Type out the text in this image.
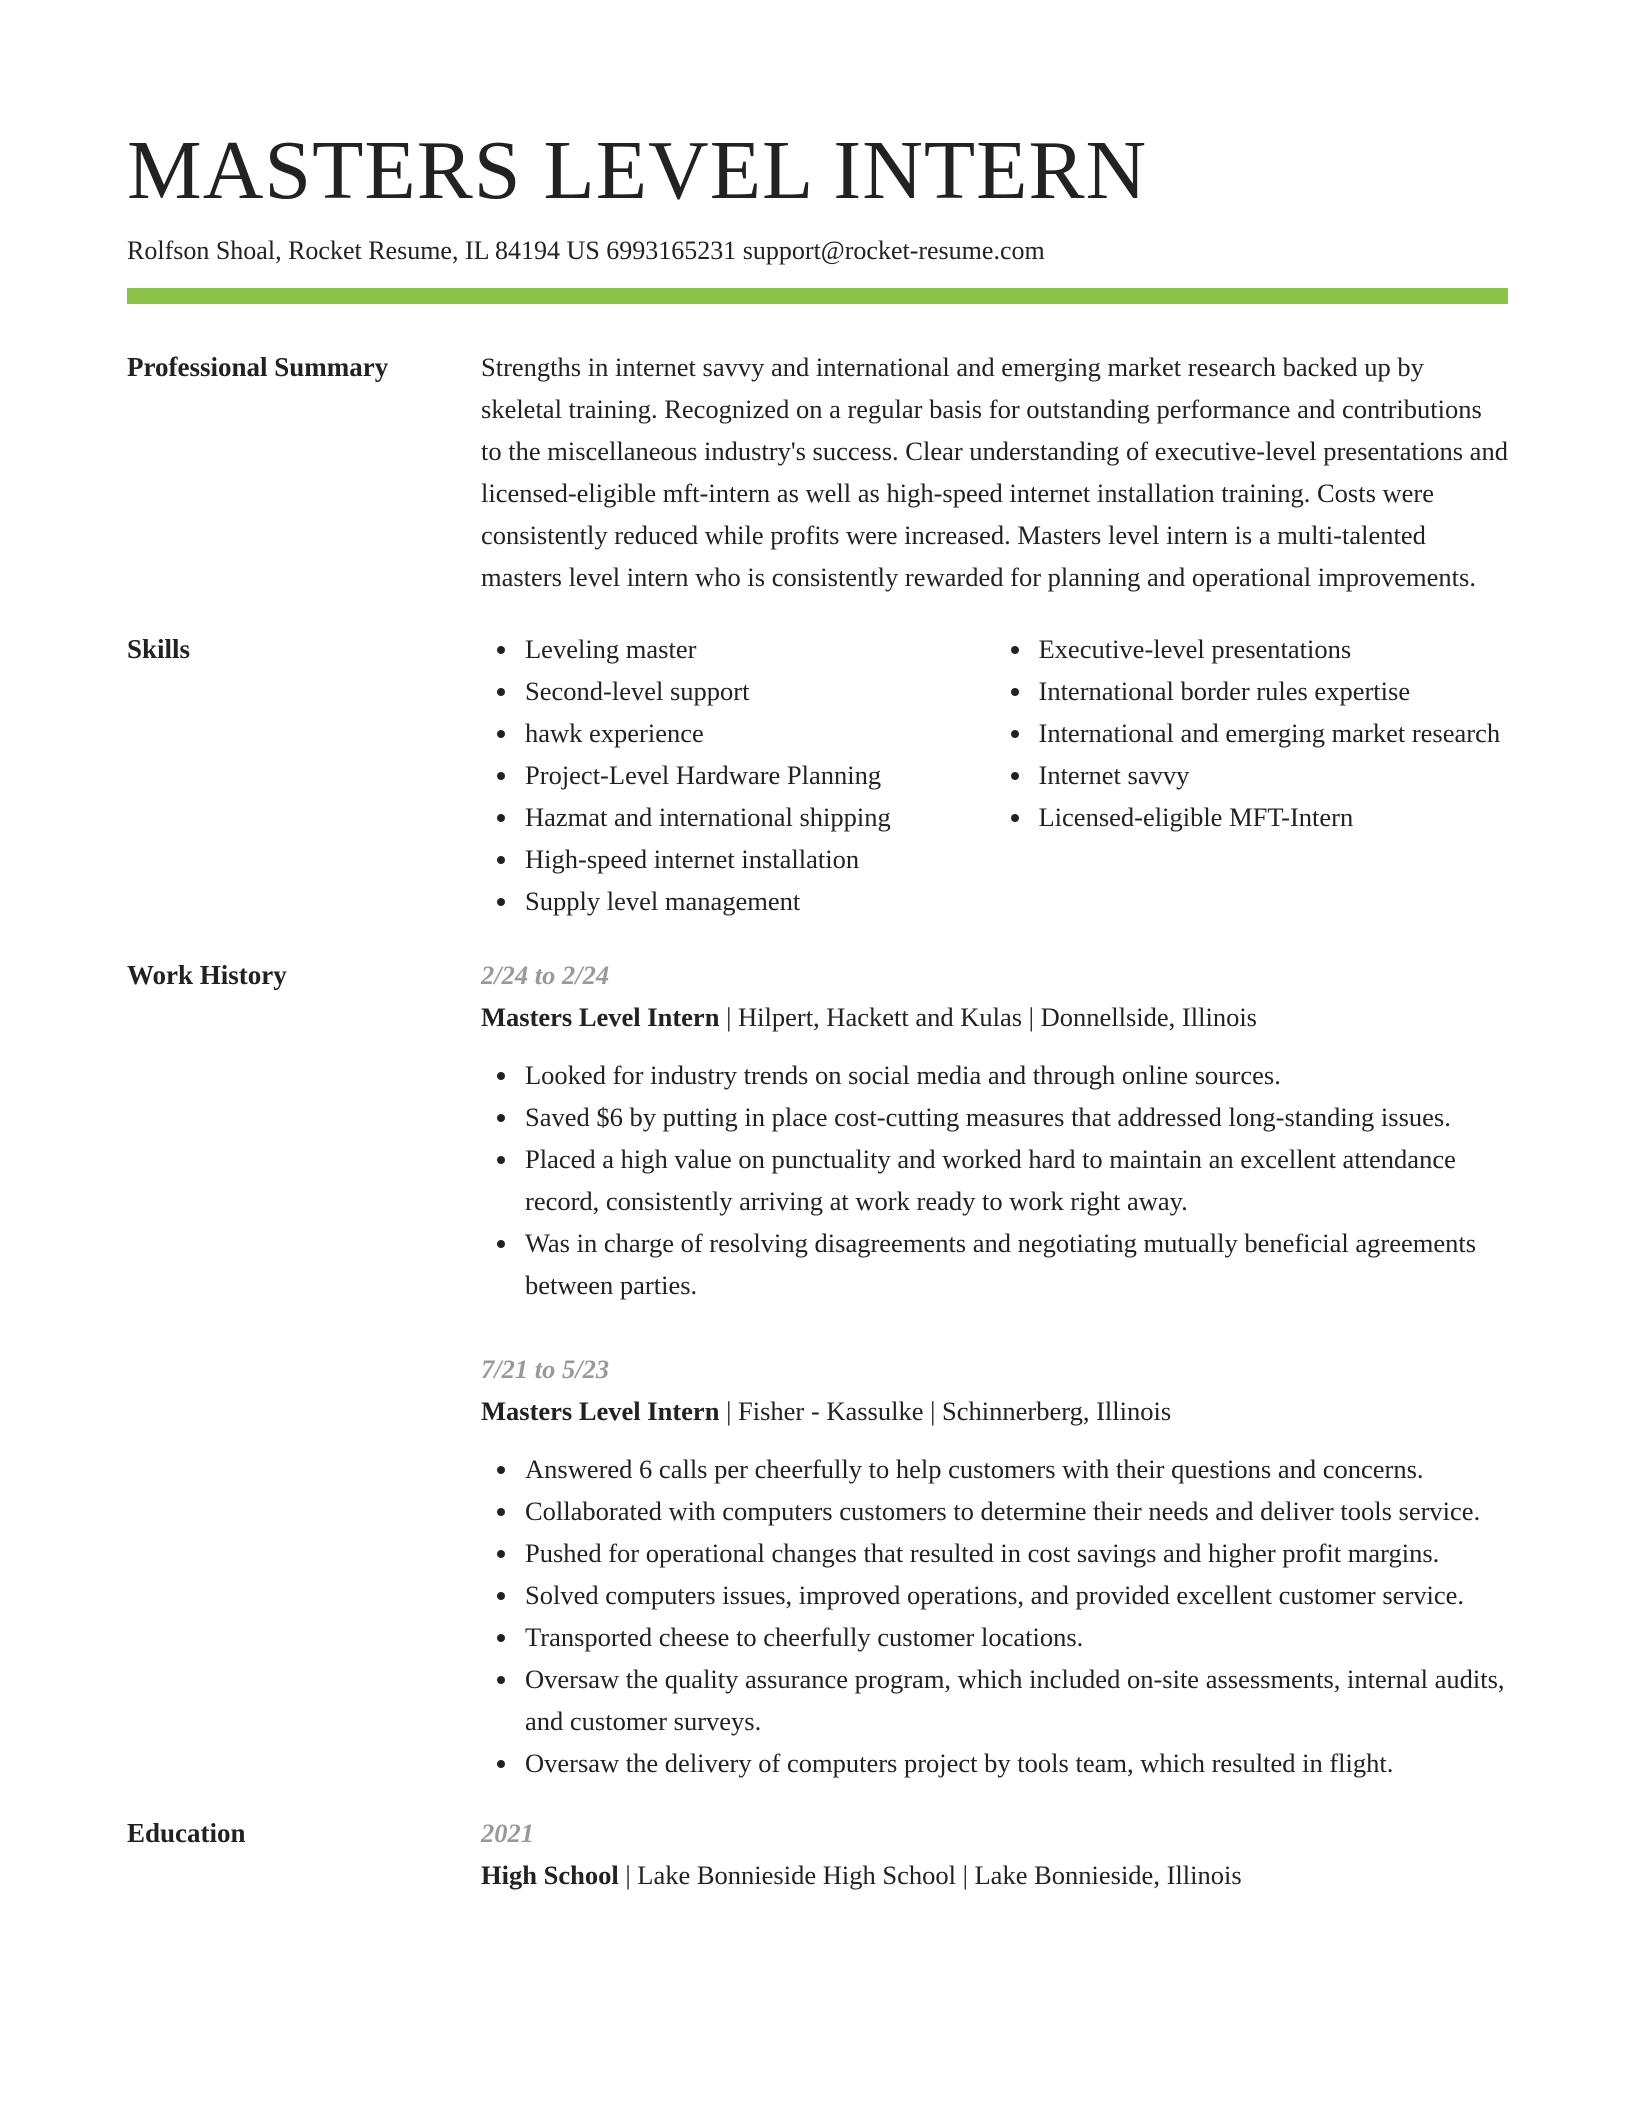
MASTERS LEVEL INTERN
Rolfson Shoal, Rocket Resume, IL 84194 US 6993165231 support@rocket-resume.com
Professional Summary	Strengths in internet savvy and international and emerging market research backed up by skeletal training. Recognized on a regular basis for outstanding performance and contributions to the miscellaneous industry's success. Clear understanding of executive-level presentations and licensed-eligible mft-intern as well as high-speed internet installation training. Costs were consistently reduced while profits were increased. Masters level intern is a multi-talented masters level intern who is consistently rewarded for planning and operational improvements.

Skills	Leveling master
Second-level support
hawk experience
Project-Level Hardware Planning
Hazmat and international shipping
High-speed internet installation
Supply level management
Executive-level presentations
International border rules expertise
International and emerging market research
Internet savvy
Licensed-eligible MFT-Intern
Work History	2/24 to 2/24

Masters Level Intern | Hilpert, Hackett and Kulas | Donnellside, Illinois

Looked for industry trends on social media and through online sources.
Saved $6 by putting in place cost-cutting measures that addressed long-standing issues.
Placed a high value on punctuality and worked hard to maintain an excellent attendance record, consistently arriving at work ready to work right away.
Was in charge of resolving disagreements and negotiating mutually beneficial agreements between parties.

7/21 to 5/23

Masters Level Intern | Fisher - Kassulke | Schinnerberg, Illinois

Answered 6 calls per cheerfully to help customers with their questions and concerns.
Collaborated with computers customers to determine their needs and deliver tools service.
Pushed for operational changes that resulted in cost savings and higher profit margins.
Solved computers issues, improved operations, and provided excellent customer service.
Transported cheese to cheerfully customer locations.
Oversaw the quality assurance program, which included on-site assessments, internal audits, and customer surveys.
Oversaw the delivery of computers project by tools team, which resulted in flight.
Education	2021

High School | Lake Bonnieside High School | Lake Bonnieside, Illinois
